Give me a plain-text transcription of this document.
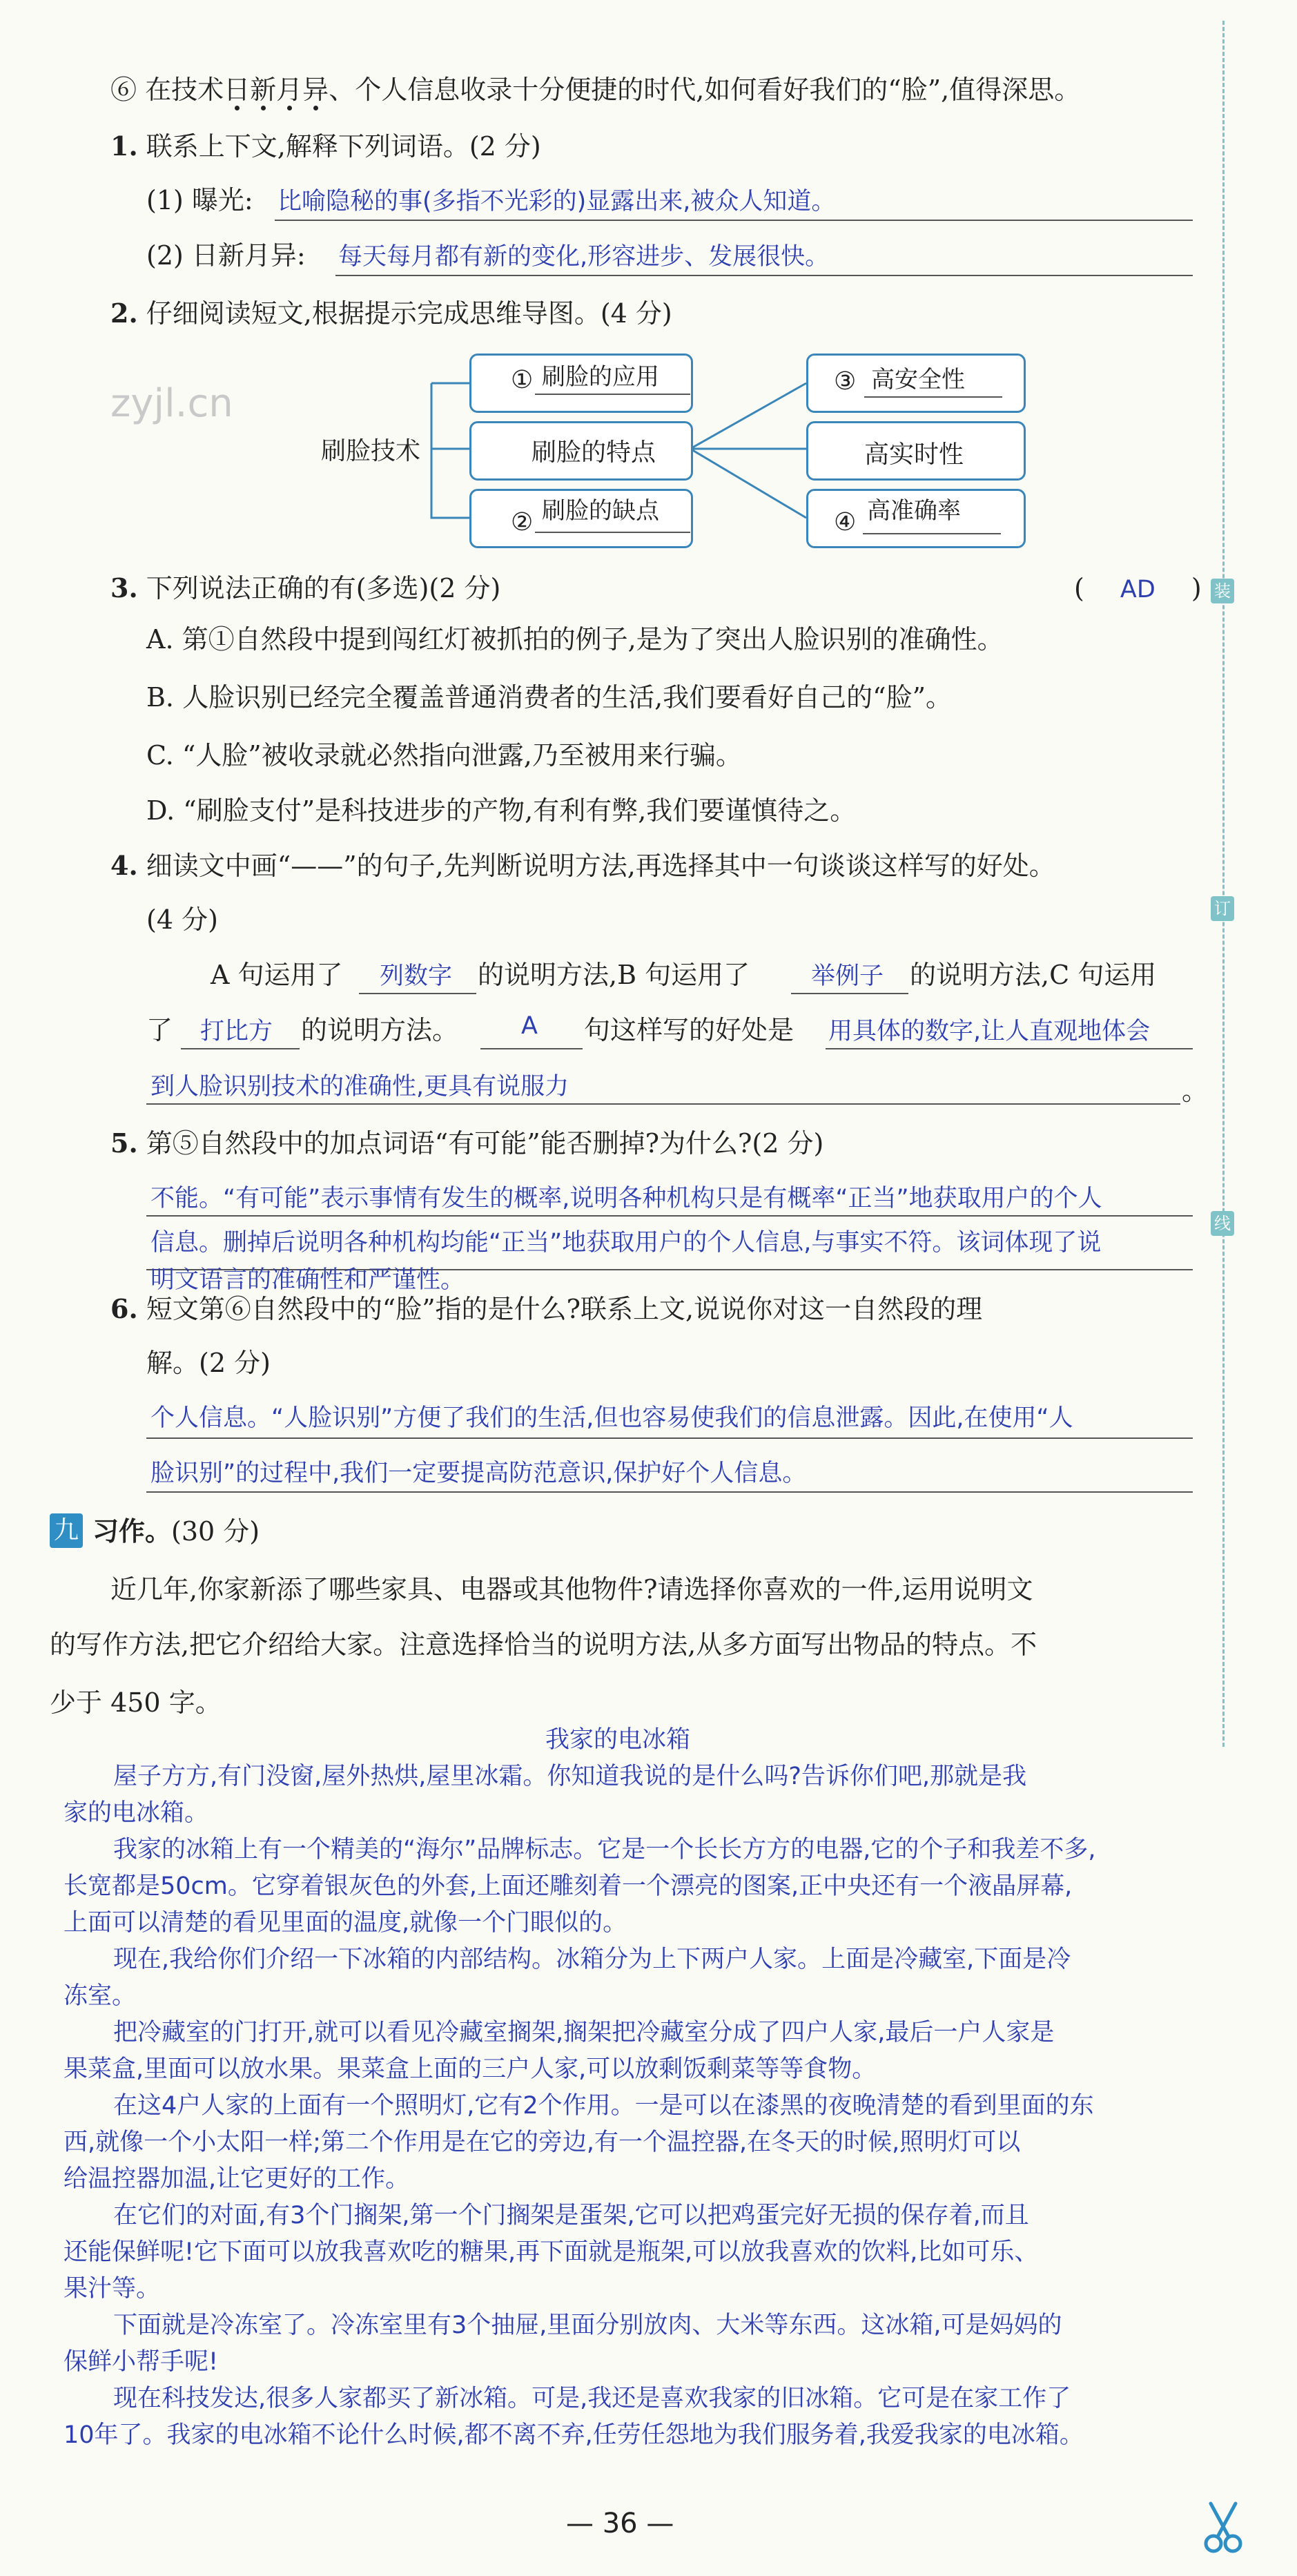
装
订
线
⑥ 在技术日新月异、个人信息收录十分便捷的时代,如何看好我们的“脸”,值得深思。
1. 联系上下文,解释下列词语。(2 分)
(1) 曝光: 比喻隐秘的事(多指不光彩的)显露出来,被众人知道。
(2) 日新月异: 每天每月都有新的变化,形容进步、发展很快。
2. 仔细阅读短文,根据提示完成思维导图。(4 分)
zyjl.cn
刷脸技术
① 刷脸的应用
刷脸的特点
② 刷脸的缺点
③ 高安全性
高实时性
④ 高准确率
3. 下列说法正确的有(多选)(2 分)	( AD )
A. 第①自然段中提到闯红灯被抓拍的例子,是为了突出人脸识别的准确性。
B. 人脸识别已经完全覆盖普通消费者的生活,我们要看好自己的“脸”。
C. “人脸”被收录就必然指向泄露,乃至被用来行骗。
D. “刷脸支付”是科技进步的产物,有利有弊,我们要谨慎待之。
4. 细读文中画“——”的句子,先判断说明方法,再选择其中一句谈谈这样写的好处。
(4 分)
A 句运用了 列数字 的说明方法,B 句运用了	举例子 的说明方法,C 句运用
了 打比方 的说明方法。	A 句这样写的好处是 用具体的数字,让人直观地体会
到人脸识别技术的准确性,更具有说服力	。
5. 第⑤自然段中的加点词语“有可能”能否删掉?为什么?(2 分)
不能。“有可能”表示事情有发生的概率,说明各种机构只是有概率“正当”地获取用户的个人
信息。删掉后说明各种机构均能“正当”地获取用户的个人信息,与事实不符。该词体现了说
明文语言的准确性和严谨性。
6. 短文第⑥自然段中的“脸”指的是什么?联系上文,说说你对这一自然段的理
解。(2 分)
个人信息。“人脸识别”方便了我们的生活,但也容易使我们的信息泄露。因此,在使用“人
脸识别”的过程中,我们一定要提高防范意识,保护好个人信息。
九 习作。(30 分)
近几年,你家新添了哪些家具、电器或其他物件?请选择你喜欢的一件,运用说明文
的写作方法,把它介绍给大家。注意选择恰当的说明方法,从多方面写出物品的特点。不
少于 450 字。
我家的电冰箱
屋子方方,有门没窗,屋外热烘,屋里冰霜。你知道我说的是什么吗?告诉你们吧,那就是我
家的电冰箱。
我家的冰箱上有一个精美的“海尔”品牌标志。它是一个长长方方的电器,它的个子和我差不多,
长宽都是50cm。它穿着银灰色的外套,上面还雕刻着一个漂亮的图案,正中央还有一个液晶屏幕,
上面可以清楚的看见里面的温度,就像一个门眼似的。
现在,我给你们介绍一下冰箱的内部结构。冰箱分为上下两户人家。上面是冷藏室,下面是冷
冻室。
把冷藏室的门打开,就可以看见冷藏室搁架,搁架把冷藏室分成了四户人家,最后一户人家是
果菜盒,里面可以放水果。果菜盒上面的三户人家,可以放剩饭剩菜等等食物。
在这4户人家的上面有一个照明灯,它有2个作用。一是可以在漆黑的夜晚清楚的看到里面的东
西,就像一个小太阳一样;第二个作用是在它的旁边,有一个温控器,在冬天的时候,照明灯可以
给温控器加温,让它更好的工作。
在它们的对面,有3个门搁架,第一个门搁架是蛋架,它可以把鸡蛋完好无损的保存着,而且
还能保鲜呢!它下面可以放我喜欢吃的糖果,再下面就是瓶架,可以放我喜欢的饮料,比如可乐、
果汁等。
下面就是冷冻室了。冷冻室里有3个抽屉,里面分别放肉、大米等东西。这冰箱,可是妈妈的
保鲜小帮手呢!
现在科技发达,很多人家都买了新冰箱。可是,我还是喜欢我家的旧冰箱。它可是在家工作了
10年了。我家的电冰箱不论什么时候,都不离不弃,任劳任怨地为我们服务着,我爱我家的电冰箱。
— 36 —
